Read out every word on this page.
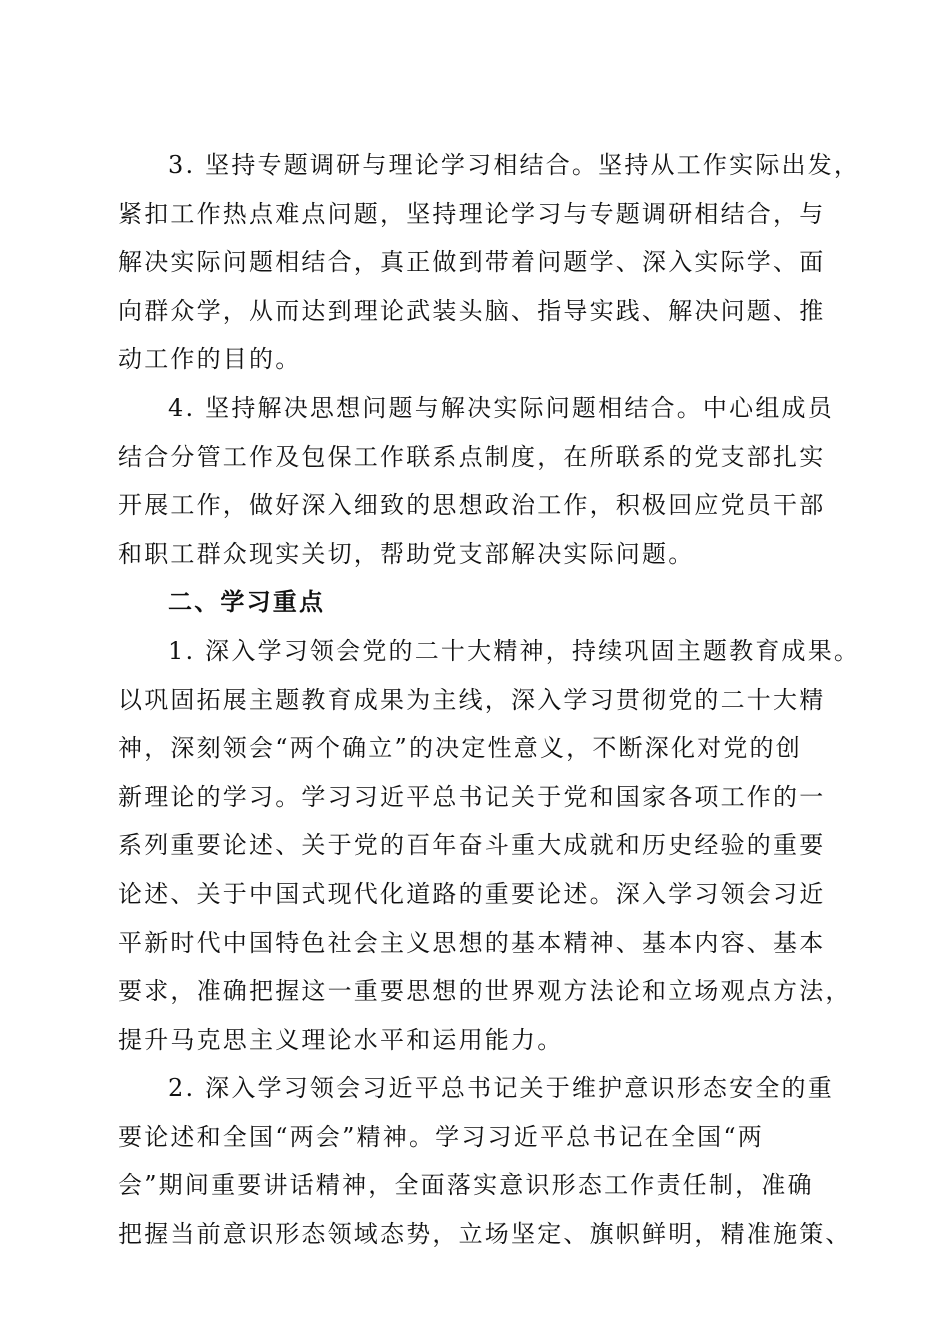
3. 坚持专题调研与理论学习相结合。坚持从工作实际出发，
紧扣工作热点难点问题，坚持理论学习与专题调研相结合，与
解决实际问题相结合，真正做到带着问题学、深入实际学、面
向群众学，从而达到理论武装头脑、指导实践、解决问题、推
动工作的目的。
4. 坚持解决思想问题与解决实际问题相结合。中心组成员
结合分管工作及包保工作联系点制度，在所联系的党支部扎实
开展工作，做好深入细致的思想政治工作，积极回应党员干部
和职工群众现实关切，帮助党支部解决实际问题。
二、学习重点
1. 深入学习领会党的二十大精神，持续巩固主题教育成果。
以巩固拓展主题教育成果为主线，深入学习贯彻党的二十大精
神，深刻领会“两个确立”的决定性意义，不断深化对党的创
新理论的学习。学习习近平总书记关于党和国家各项工作的一
系列重要论述、关于党的百年奋斗重大成就和历史经验的重要
论述、关于中国式现代化道路的重要论述。深入学习领会习近
平新时代中国特色社会主义思想的基本精神、基本内容、基本
要求，准确把握这一重要思想的世界观方法论和立场观点方法，
提升马克思主义理论水平和运用能力。
2. 深入学习领会习近平总书记关于维护意识形态安全的重
要论述和全国“两会”精神。学习习近平总书记在全国“两
会”期间重要讲话精神，全面落实意识形态工作责任制，准确
把握当前意识形态领域态势，立场坚定、旗帜鲜明，精准施策、
